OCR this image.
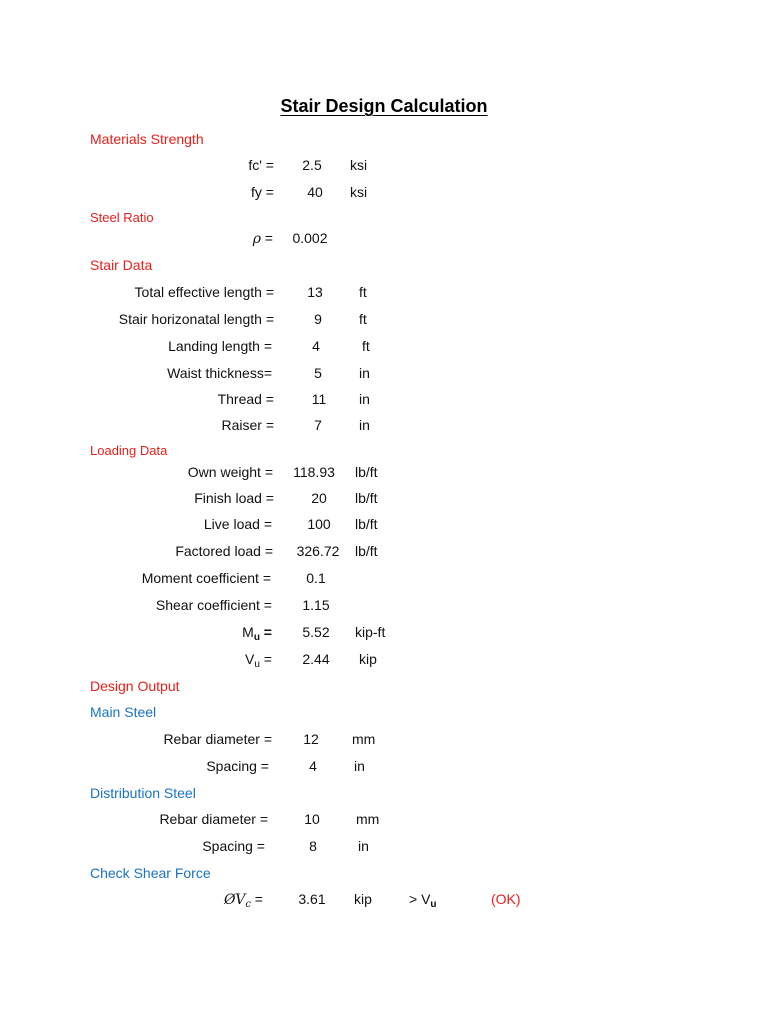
Stair Design Calculation
Materials Strength
fc' =	2.5	ksi
fy =	40	ksi
Steel Ratio
ρ =	0.002
Stair Data
Total effective length =	13	ft
Stair horizonatal length =	9	ft
Landing length =	4	ft
Waist thickness=	5	in
Thread =	11	in
Raiser =	7	in
Loading Data
Own weight =	118.93	lb/ft
Finish load =	20	lb/ft
Live load =	100	lb/ft
Factored load =	326.72	lb/ft
Moment coefficient =	0.1
Shear coefficient =	1.15
$M_u$ =	5.52	kip-ft
$V_u$ =	2.44	kip
Design Output
Main Steel
Rebar diameter =	12	mm
Spacing =	4	in
Distribution Steel
Rebar diameter =	10	mm
Spacing =	8	in
Check Shear Force
$ØV_c$ =	3.61	kip	> $V_u$	(OK)
